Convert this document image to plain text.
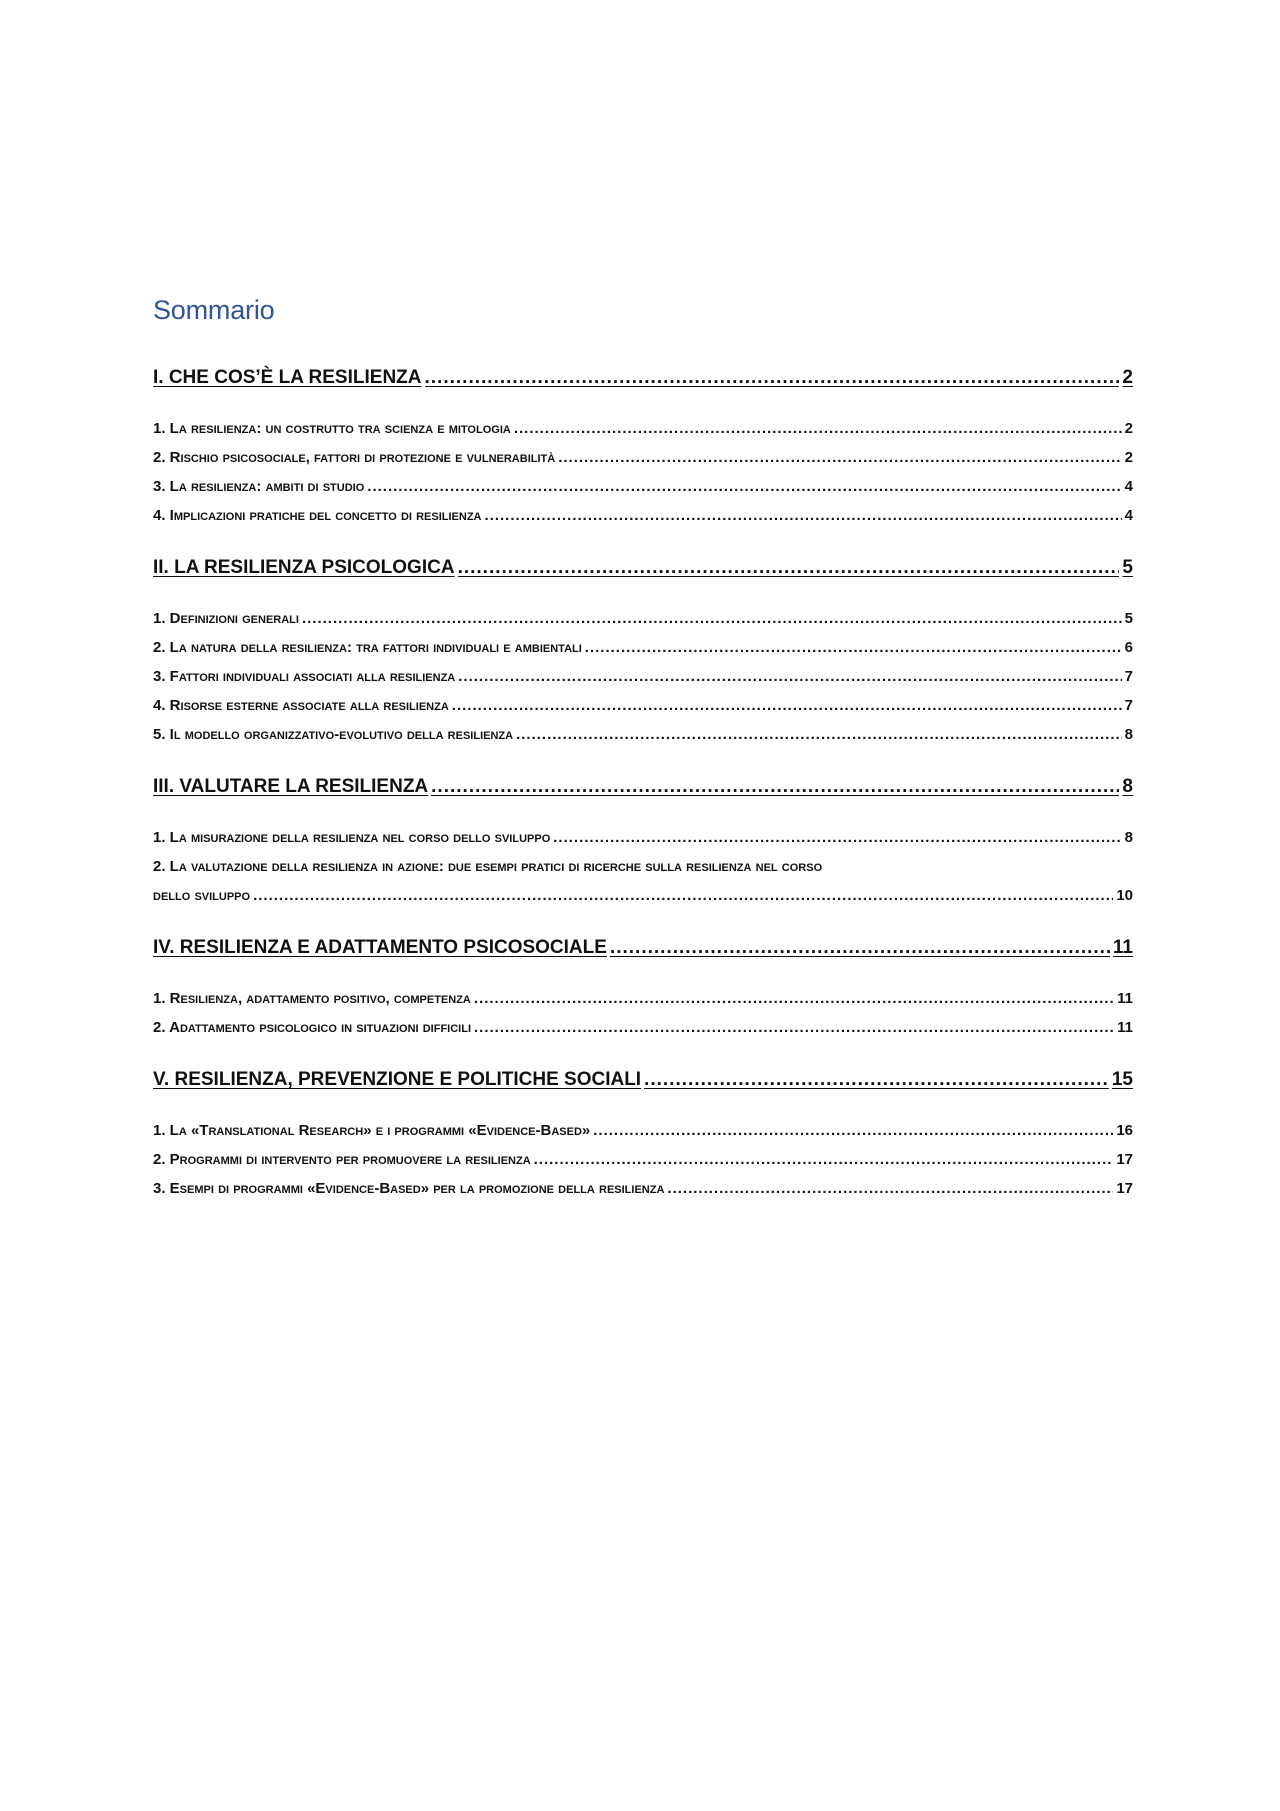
Sommario
I. CHE COS’È LA RESILIENZA .....	2
1. La resilienza: un costrutto tra scienza e mitologia .....	2
2. Rischio psicosociale, fattori di protezione e vulnerabilità .....	2
3. La resilienza: ambiti di studio .....	4
4. Implicazioni pratiche del concetto di resilienza .....	4
II. LA RESILIENZA PSICOLOGICA .....	5
1. Definizioni generali .....	5
2. La natura della resilienza: tra fattori individuali e ambientali .....	6
3. Fattori individuali associati alla resilienza .....	7
4. Risorse esterne associate alla resilienza .....	7
5. Il modello organizzativo-evolutivo della resilienza .....	8
III. VALUTARE LA RESILIENZA .....	8
1. La misurazione della resilienza nel corso dello sviluppo .....	8
2. La valutazione della resilienza in azione: due esempi pratici di ricerche sulla resilienza nel corso
dello sviluppo .....	10
IV. RESILIENZA E ADATTAMENTO PSICOSOCIALE .....	11
1. Resilienza, adattamento positivo, competenza .....	11
2. Adattamento psicologico in situazioni difficili .....	11
V. RESILIENZA, PREVENZIONE E POLITICHE SOCIALI .....	15
1. La «Translational Research» e i programmi «Evidence-Based» .....	16
2. Programmi di intervento per promuovere la resilienza .....	17
3. Esempi di programmi «Evidence-Based» per la promozione della resilienza .....	17
